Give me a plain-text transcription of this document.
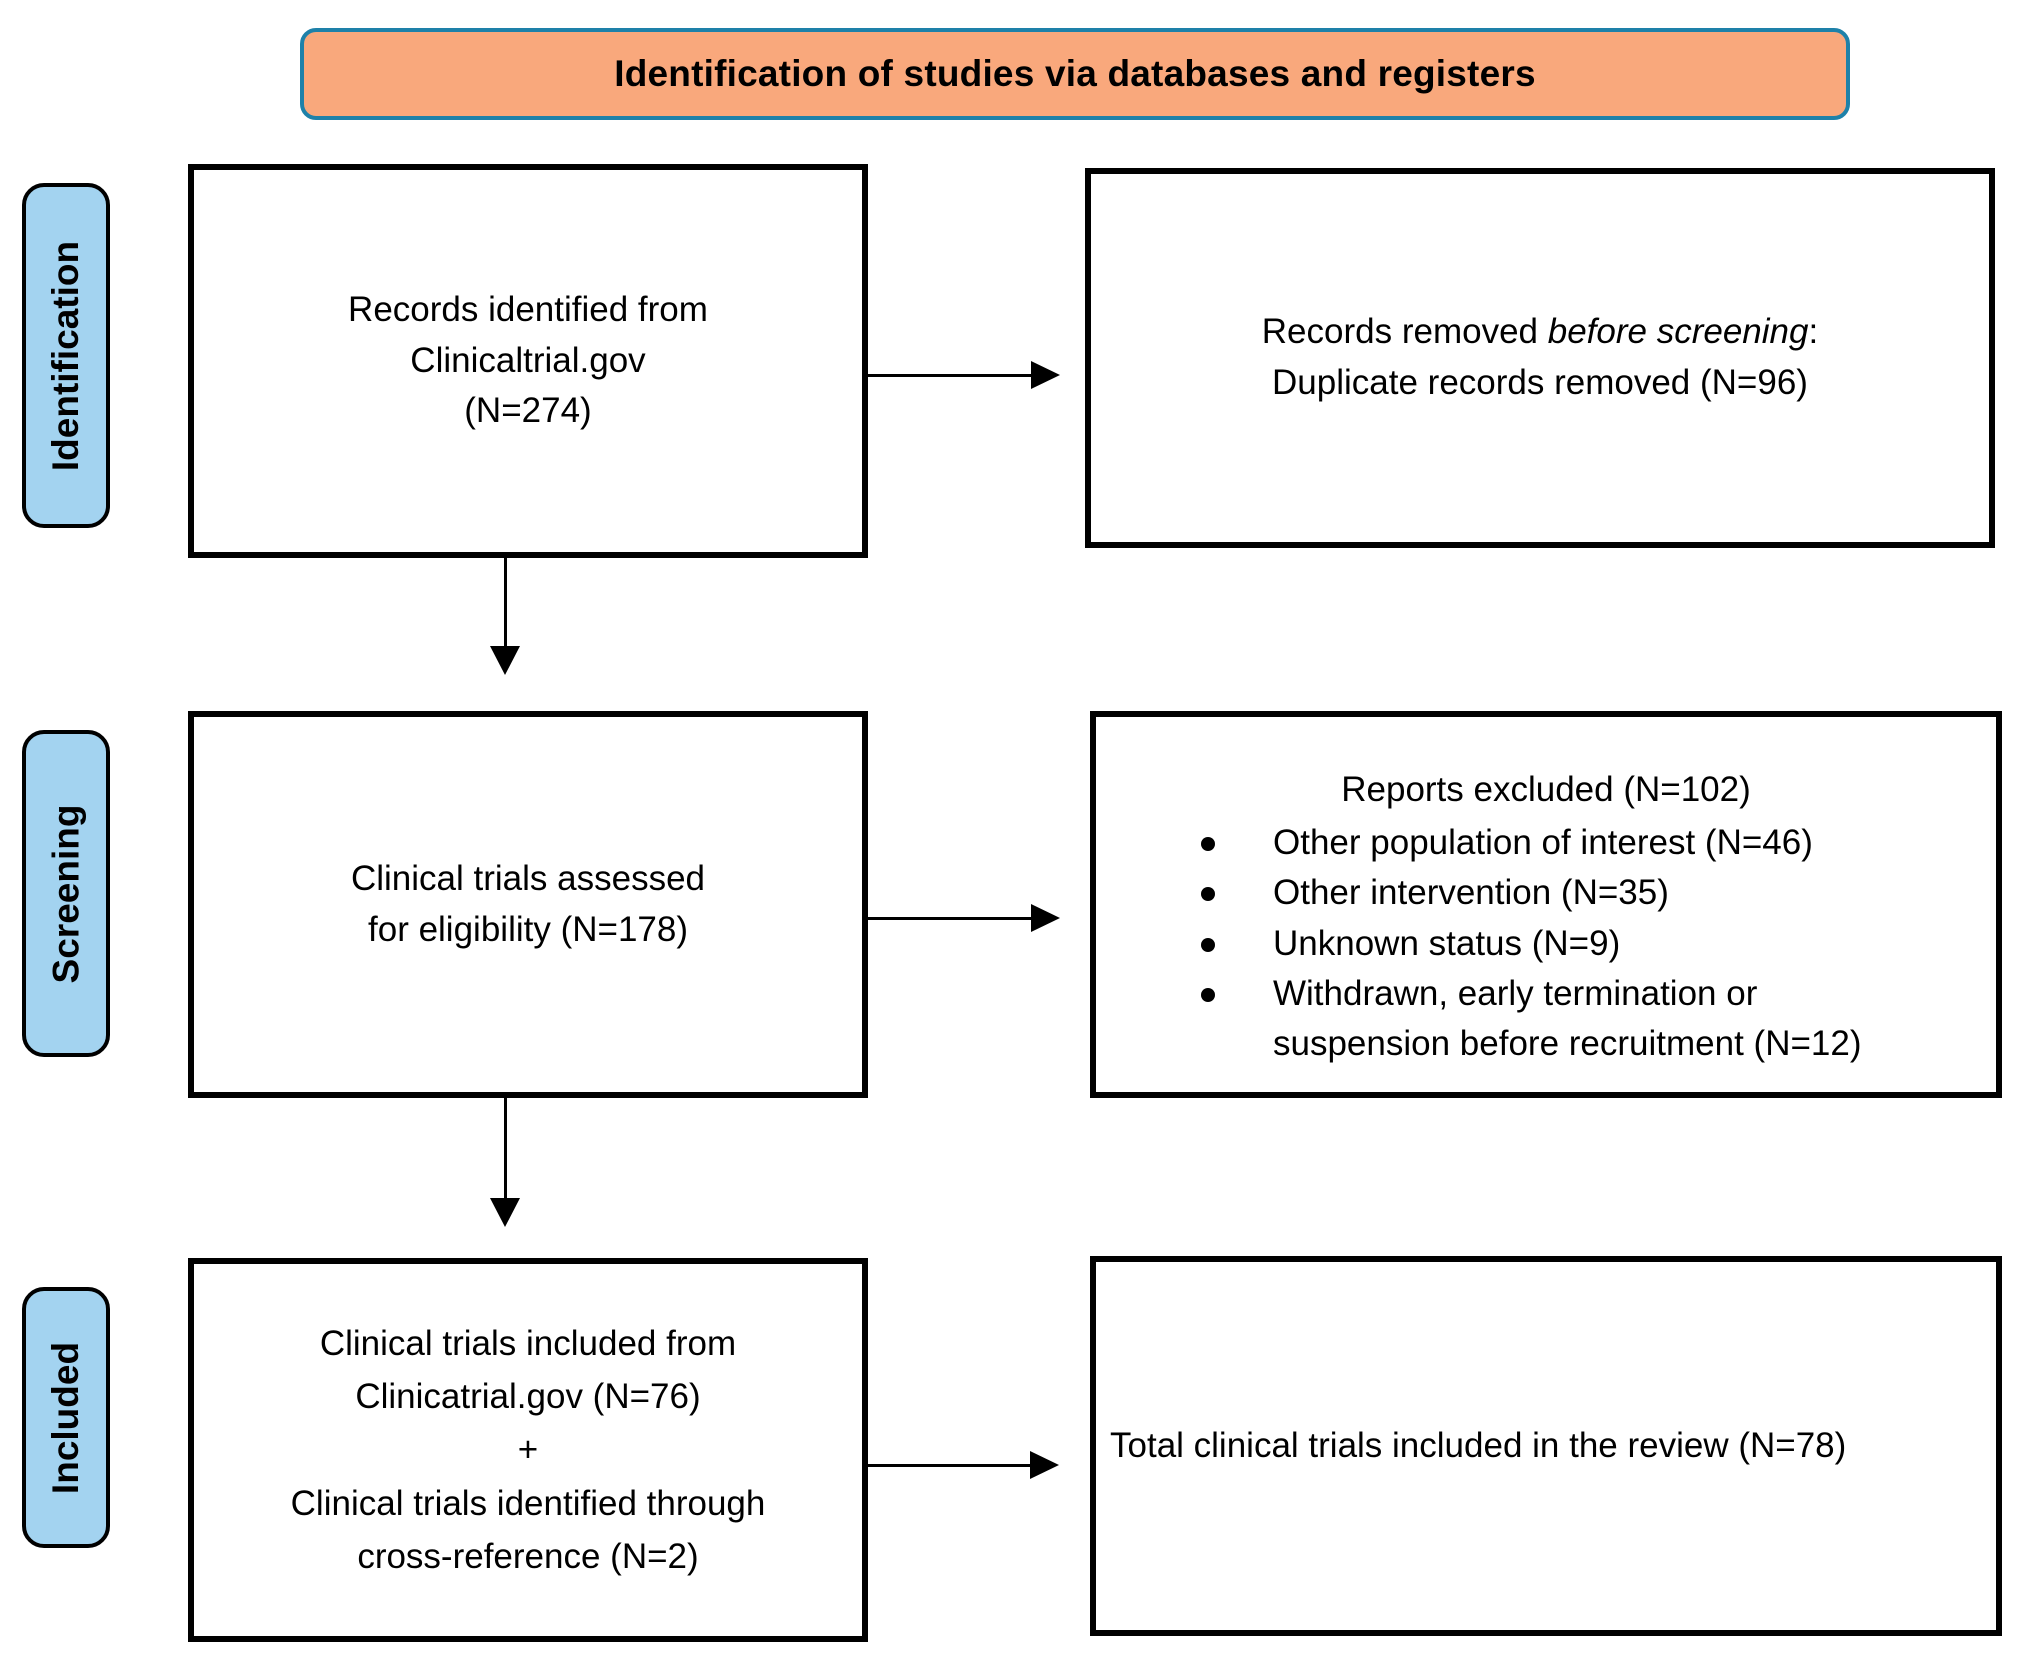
Identification of studies via databases and registers
Identification
Screening
Included
Records identified from
Clinicaltrial.gov
(N=274)
Records removed before screening:
Duplicate records removed (N=96)
Clinical trials assessed
for eligibility (N=178)
Reports excluded (N=102)
Other population of interest (N=46)
Other intervention (N=35)
Unknown status (N=9)
Withdrawn, early termination or
suspension before recruitment (N=12)
Clinical trials included from
Clinicatrial.gov (N=76)
+
Clinical trials identified through
cross-reference (N=2)
Total clinical trials included in the review (N=78)
